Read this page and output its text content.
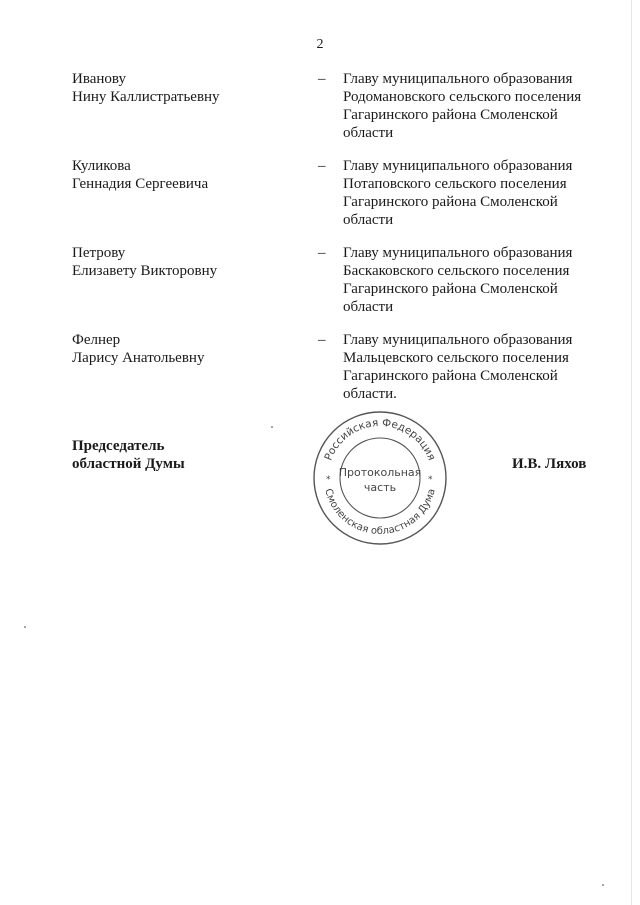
2
Иванову
Нину Каллистратьевну
– Главу муниципального образования
Родомановского сельского поселения
Гагаринского района Смоленской
области
Куликова
Геннадия Сергеевича
– Главу муниципального образования
Потаповского сельского поселения
Гагаринского района Смоленской
области
Петрову
Елизавету Викторовну
– Главу муниципального образования
Баскаковского сельского поселения
Гагаринского района Смоленской
области
Фелнер
Ларису Анатольевну
– Главу муниципального образования
Мальцевского сельского поселения
Гагаринского района Смоленской
области.
Председатель
областной Думы	И.В. Ляхов
Российская Федерация
Смоленская областная Дума
*	*
Протокольная
часть
